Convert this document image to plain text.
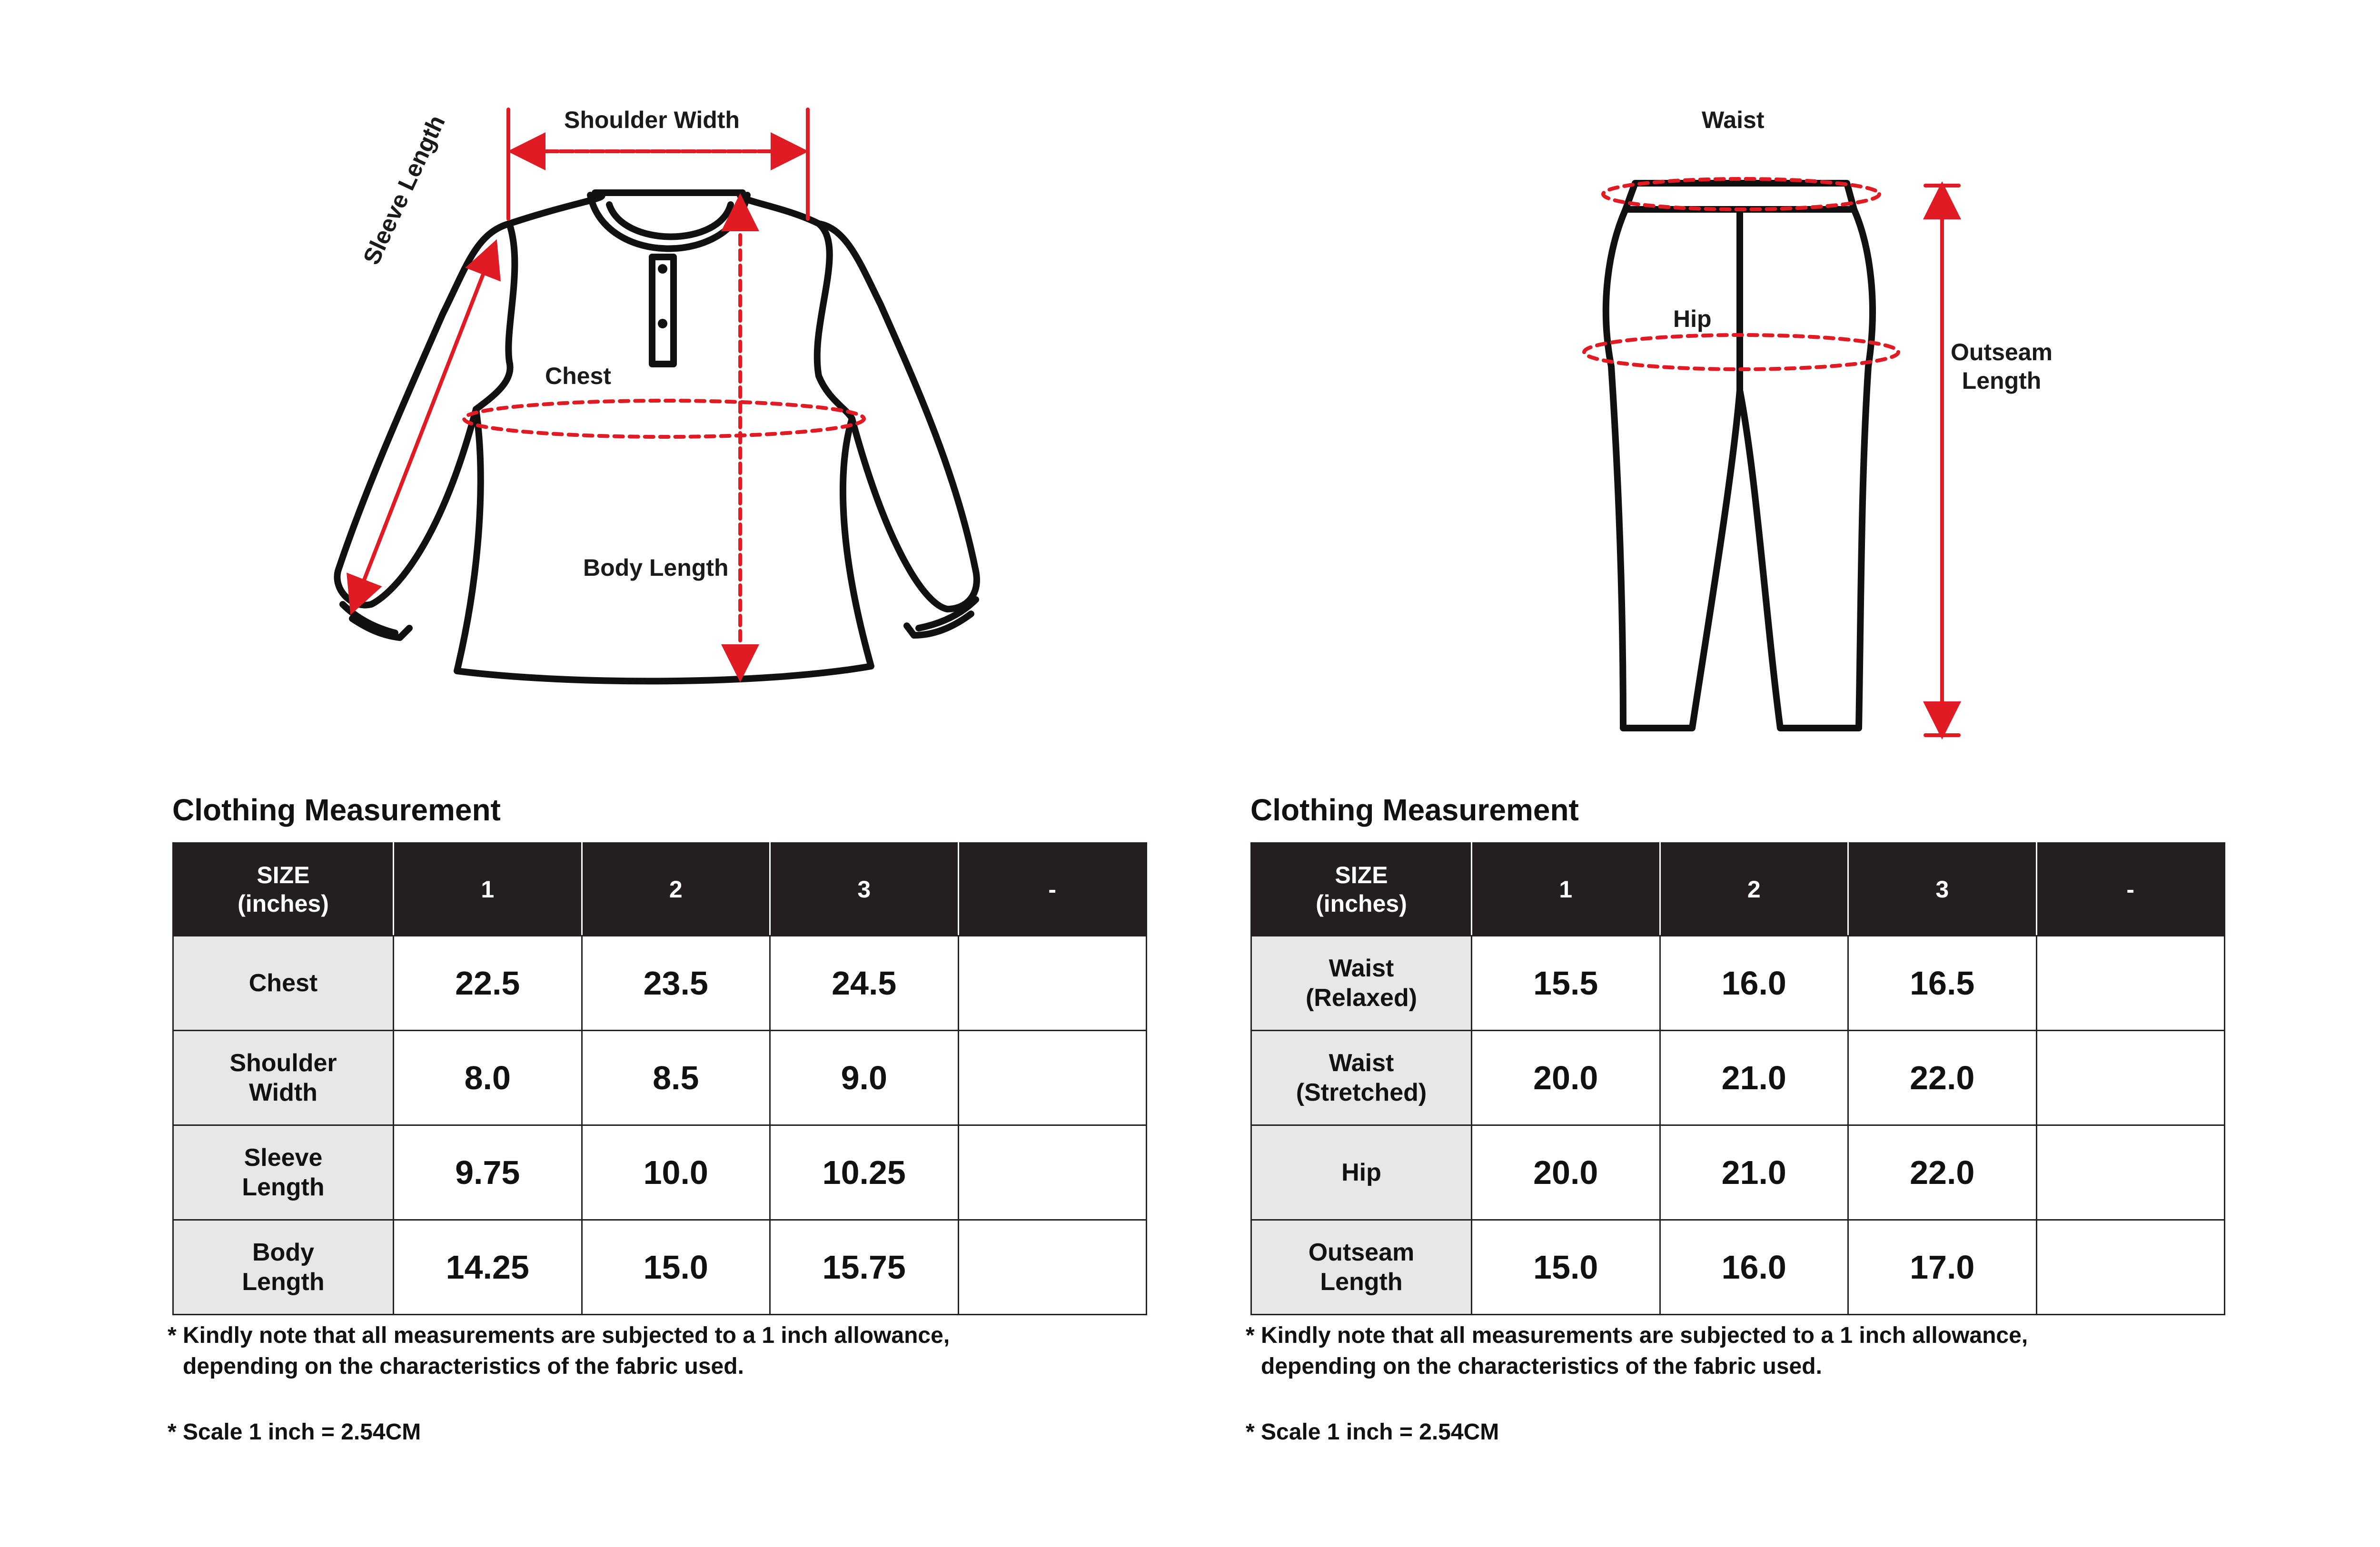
Shoulder Width
Sleeve Length
Chest
Body Length
Waist
Hip
Outseam
Length
Clothing Measurement
SIZE
(inches)	1	2	3	-

Chest	22.5	23.5	24.5	

Shoulder
Width	8.0	8.5	9.0	

Sleeve
Length	9.75	10.0	10.25	

Body
Length	14.25	15.0	15.75	
* Kindly note that all measurements are subjected to a 1 inch allowance,
depending on the characteristics of the fabric used.
* Scale 1 inch = 2.54CM
Clothing Measurement
SIZE
(inches)	1	2	3	-

Waist
(Relaxed)	15.5	16.0	16.5	

Waist
(Stretched)	20.0	21.0	22.0	

Hip	20.0	21.0	22.0	

Outseam
Length	15.0	16.0	17.0	
* Kindly note that all measurements are subjected to a 1 inch allowance,
depending on the characteristics of the fabric used.
* Scale 1 inch = 2.54CM
